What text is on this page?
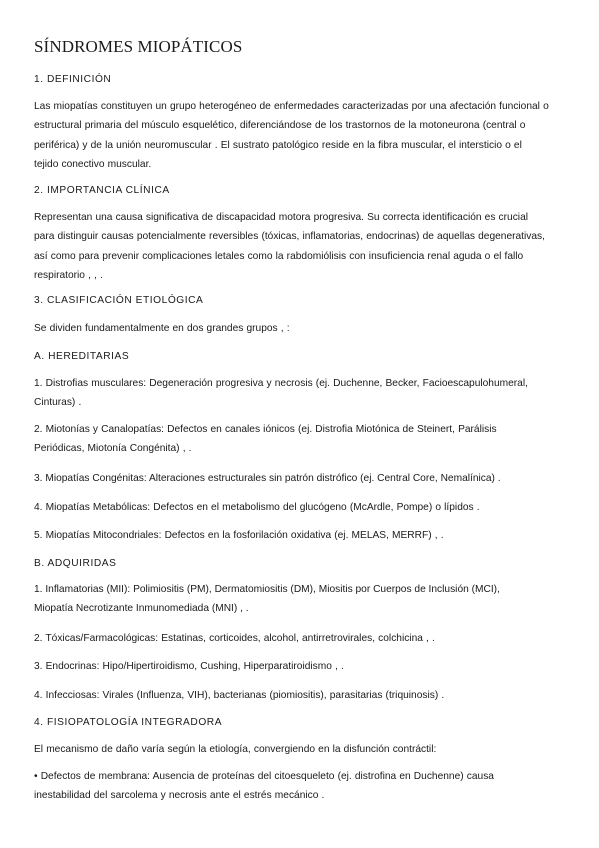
SÍNDROMES MIOPÁTICOS
1. DEFINICIÓN

Las miopatías constituyen un grupo heterogéneo de enfermedades caracterizadas por una afectación funcional o
estructural primaria del músculo esquelético, diferenciándose de los trastornos de la motoneurona (central o
periférica) y de la unión neuromuscular . El sustrato patológico reside en la fibra muscular, el intersticio o el
tejido conectivo muscular.

2. IMPORTANCIA CLÍNICA

Representan una causa significativa de discapacidad motora progresiva. Su correcta identificación es crucial
para distinguir causas potencialmente reversibles (tóxicas, inflamatorias, endocrinas) de aquellas degenerativas,
así como para prevenir complicaciones letales como la rabdomiólisis con insuficiencia renal aguda o el fallo
respiratorio , , .

3. CLASIFICACIÓN ETIOLÓGICA

Se dividen fundamentalmente en dos grandes grupos , :

A. HEREDITARIAS

1. Distrofias musculares: Degeneración progresiva y necrosis (ej. Duchenne, Becker, Facioescapulohumeral,
Cinturas) .

2. Miotonías y Canalopatías: Defectos en canales iónicos (ej. Distrofia Miotónica de Steinert, Parálisis
Periódicas, Miotonía Congénita) , .

3. Miopatías Congénitas: Alteraciones estructurales sin patrón distrófico (ej. Central Core, Nemalínica) .

4. Miopatías Metabólicas: Defectos en el metabolismo del glucógeno (McArdle, Pompe) o lípidos .

5. Miopatías Mitocondriales: Defectos en la fosforilación oxidativa (ej. MELAS, MERRF) , .

B. ADQUIRIDAS

1. Inflamatorias (MII): Polimiositis (PM), Dermatomiositis (DM), Miositis por Cuerpos de Inclusión (MCI),
Miopatía Necrotizante Inmunomediada (MNI) , .

2. Tóxicas/Farmacológicas: Estatinas, corticoides, alcohol, antirretrovirales, colchicina , .

3. Endocrinas: Hipo/Hipertiroidismo, Cushing, Hiperparatiroidismo , .

4. Infecciosas: Virales (Influenza, VIH), bacterianas (piomiositis), parasitarias (triquinosis) .

4. FISIOPATOLOGÍA INTEGRADORA

El mecanismo de daño varía según la etiología, convergiendo en la disfunción contráctil:

• Defectos de membrana: Ausencia de proteínas del citoesqueleto (ej. distrofina en Duchenne) causa
inestabilidad del sarcolema y necrosis ante el estrés mecánico .
